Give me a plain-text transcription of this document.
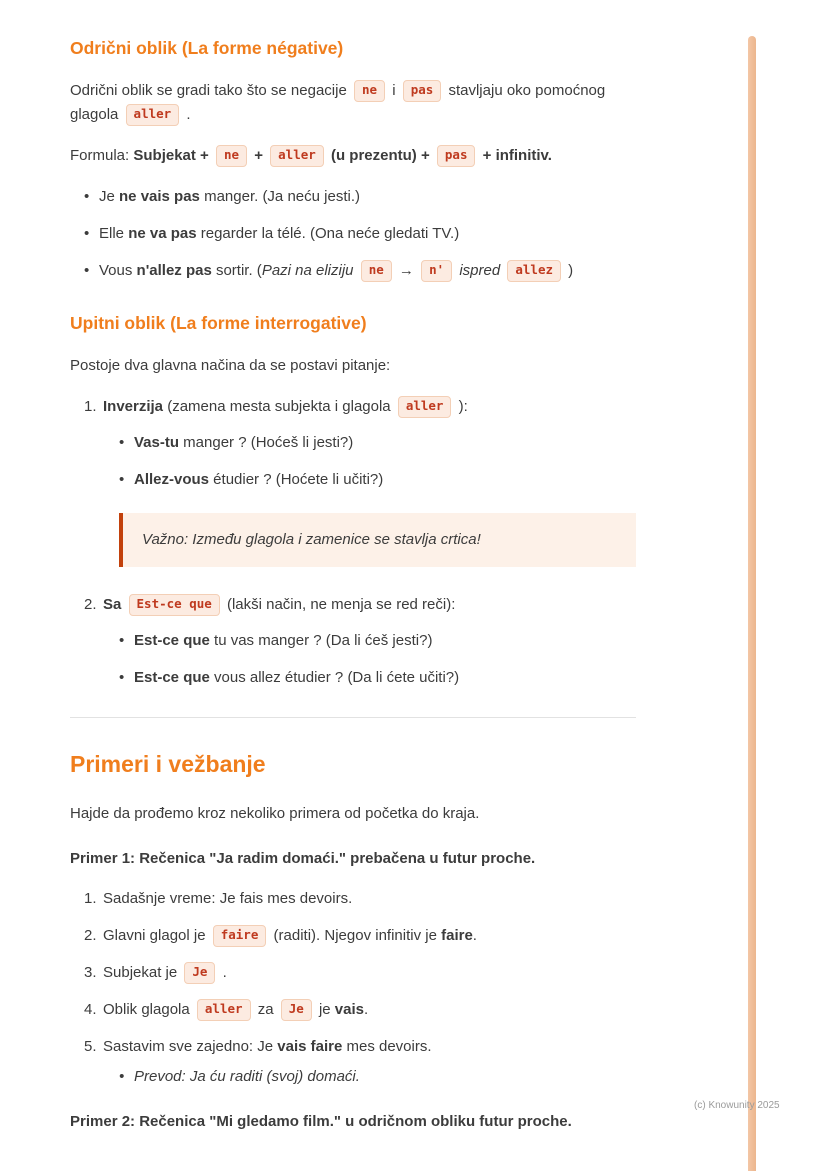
Odrični oblik (La forme négative)

Odrični oblik se gradi tako što se negacije ne i pas stavljaju oko pomoćnog glagola aller .

Formula: Subjekat + ne + aller (u prezentu) + pas + infinitiv.

• Je ne vais pas manger. (Ja neću jesti.)
• Elle ne va pas regarder la télé. (Ona neće gledati TV.)
• Vous n'allez pas sortir. (Pazi na eliziju ne → n' ispred allez )
Upitni oblik (La forme interrogative)

Postoje dva glavna načina da se postavi pitanje:

Inverzija (zamena mesta subjekta i glagola aller ):
• Vas-tu manger ? (Hoćeš li jesti?)
• Allez-vous étudier ? (Hoćete li učiti?)
Važno: Između glagola i zamenice se stavlja crtica!
Sa Est-ce que (lakši način, ne menja se red reči):
• Est-ce que tu vas manger ? (Da li ćeš jesti?)
• Est-ce que vous allez étudier ? (Da li ćete učiti?)
Primeri i vežbanje

Hajde da prođemo kroz nekoliko primera od početka do kraja.

Primer 1: Rečenica "Ja radim domaći." prebačena u futur proche.

Sadašnje vreme: Je fais mes devoirs.
Glavni glagol je faire (raditi). Njegov infinitiv je faire.
Subjekat je Je .
Oblik glagola aller za Je je vais.
Sastavim sve zajedno: Je vais faire mes devoirs.
• Prevod: Ja ću raditi (svoj) domaći.

Primer 2: Rečenica "Mi gledamo film." u odričnom obliku futur proche.

(c) Knowunity 2025
